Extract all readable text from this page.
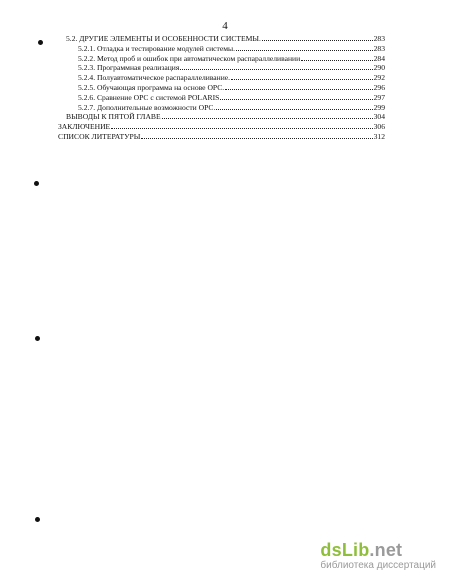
4
5.2. ДРУГИЕ ЭЛЕМЕНТЫ И ОСОБЕННОСТИ СИСТЕМЫ.	283
5.2.1. Отладка и тестирование модулей системы.	283
5.2.2. Метод проб и ошибок при автоматическом распараллеливании	284
5.2.3. Программная реализация	290
5.2.4. Полуавтоматическое распараллеливание.	292
5.2.5. Обучающая программа на основе ОРС.	296
5.2.6. Сравнение ОРС с системой POLARIS	297
5.2.7. Дополнительные возможности ОРС.	299
ВЫВОДЫ К ПЯТОЙ ГЛАВЕ	304
ЗАКЛЮЧЕНИЕ	306
СПИСОК ЛИТЕРАТУРЫ	312
dsLib.net
библиотека диссертаций
